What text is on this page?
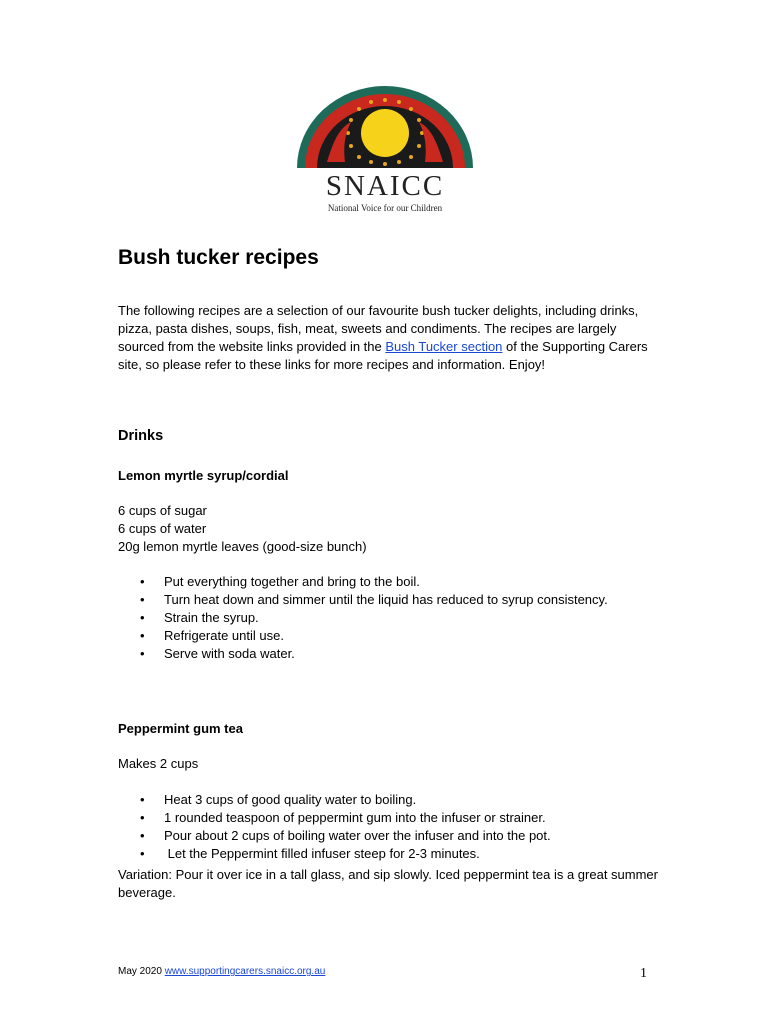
SNAICC
National Voice for our Children
Bush tucker recipes

The following recipes are a selection of our favourite bush tucker delights, including drinks, pizza, pasta dishes, soups, fish, meat, sweets and condiments. The recipes are largely sourced from the website links provided in the Bush Tucker section of the Supporting Carers site, so please refer to these links for more recipes and information. Enjoy!

Drinks
Lemon myrtle syrup/cordial
6 cups of sugar
6 cups of water
20g lemon myrtle leaves (good-size bunch)
• Put everything together and bring to the boil.
• Turn heat down and simmer until the liquid has reduced to syrup consistency.
• Strain the syrup.
• Refrigerate until use.
• Serve with soda water.
Peppermint gum tea
Makes 2 cups
• Heat 3 cups of good quality water to boiling.
• 1 rounded teaspoon of peppermint gum into the infuser or strainer.
• Pour about 2 cups of boiling water over the infuser and into the pot.
• Let the Peppermint filled infuser steep for 2-3 minutes.

Variation: Pour it over ice in a tall glass, and sip slowly. Iced peppermint tea is a great summer beverage.

May 2020 www.supportingcarers.snaicc.org.au	1
